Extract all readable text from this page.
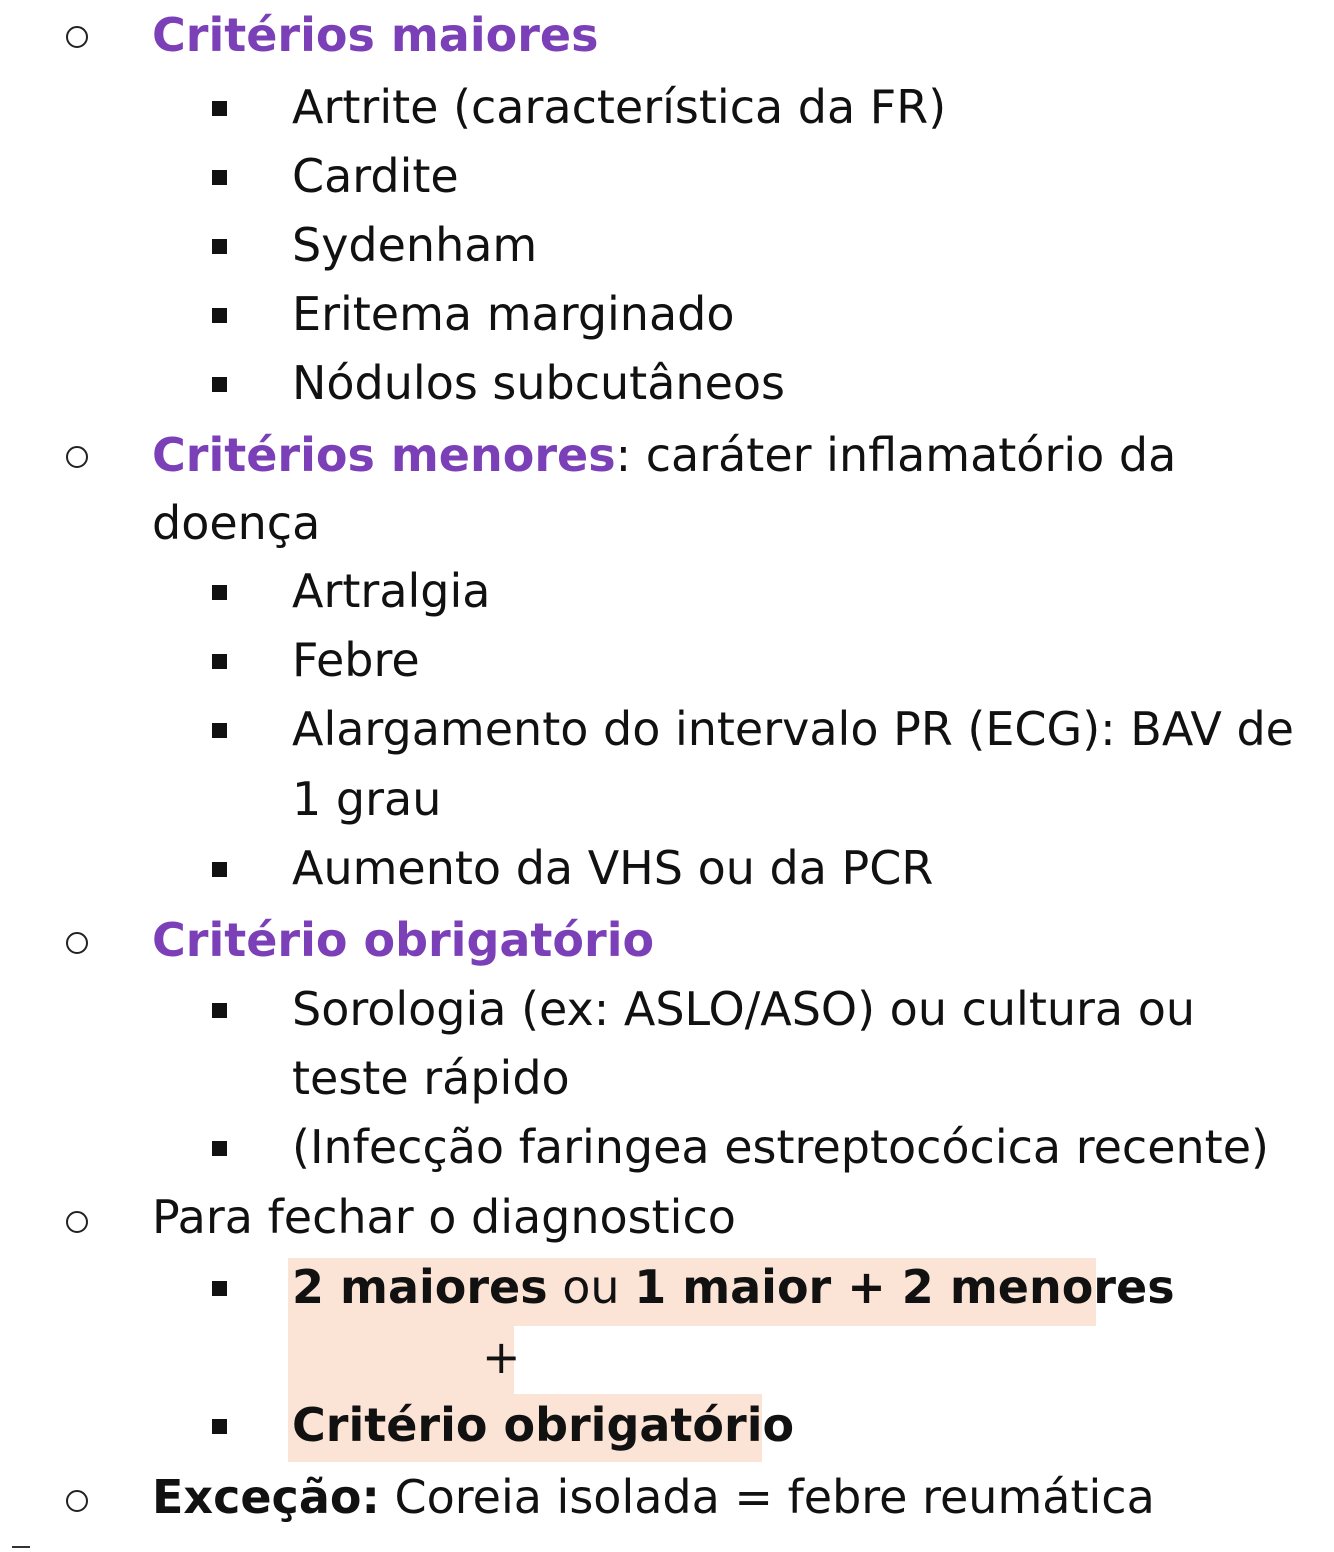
Critérios maiores
Artrite (característica da FR)
Cardite
Sydenham
Eritema marginado
Nódulos subcutâneos
Critérios menores: caráter inflamatório da
doença
Artralgia
Febre
Alargamento do intervalo PR (ECG): BAV de
1 grau
Aumento da VHS ou da PCR
Critério obrigatório
Sorologia (ex: ASLO/ASO) ou cultura ou
teste rápido
(Infecção faringea estreptocócica recente)
Para fechar o diagnostico
2 maiores ou 1 maior + 2 menores
+
Critério obrigatório
Exceção: Coreia isolada = febre reumática
